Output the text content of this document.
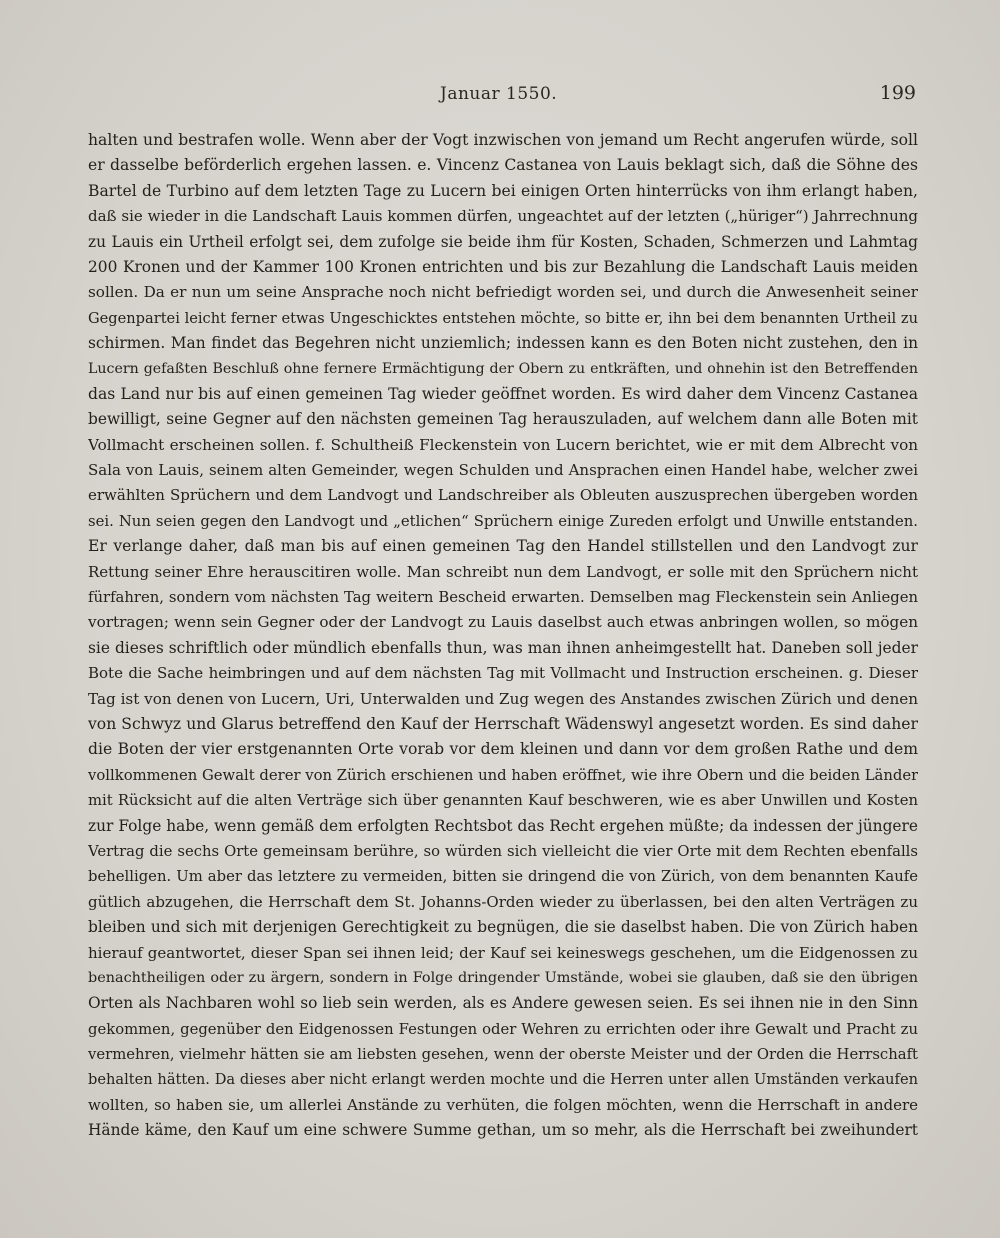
Januar 1550.	199
halten und bestrafen wolle. Wenn aber der Vogt inzwischen von jemand um Recht angerufen würde, soll
er dasselbe beförderlich ergehen lassen. e. Vincenz Castanea von Lauis beklagt sich, daß die Söhne des
Bartel de Turbino auf dem letzten Tage zu Lucern bei einigen Orten hinterrücks von ihm erlangt haben,
daß sie wieder in die Landschaft Lauis kommen dürfen, ungeachtet auf der letzten („hüriger“) Jahrrechnung
zu Lauis ein Urtheil erfolgt sei, dem zufolge sie beide ihm für Kosten, Schaden, Schmerzen und Lahmtag
200 Kronen und der Kammer 100 Kronen entrichten und bis zur Bezahlung die Landschaft Lauis meiden
sollen. Da er nun um seine Ansprache noch nicht befriedigt worden sei, und durch die Anwesenheit seiner
Gegenpartei leicht ferner etwas Ungeschicktes entstehen möchte, so bitte er, ihn bei dem benannten Urtheil zu
schirmen. Man findet das Begehren nicht unziemlich; indessen kann es den Boten nicht zustehen, den in
Lucern gefaßten Beschluß ohne fernere Ermächtigung der Obern zu entkräften, und ohnehin ist den Betreffenden
das Land nur bis auf einen gemeinen Tag wieder geöffnet worden. Es wird daher dem Vincenz Castanea
bewilligt, seine Gegner auf den nächsten gemeinen Tag herauszuladen, auf welchem dann alle Boten mit
Vollmacht erscheinen sollen. f. Schultheiß Fleckenstein von Lucern berichtet, wie er mit dem Albrecht von
Sala von Lauis, seinem alten Gemeinder, wegen Schulden und Ansprachen einen Handel habe, welcher zwei
erwählten Sprüchern und dem Landvogt und Landschreiber als Obleuten auszusprechen übergeben worden
sei. Nun seien gegen den Landvogt und „etlichen“ Sprüchern einige Zureden erfolgt und Unwille entstanden.
Er verlange daher, daß man bis auf einen gemeinen Tag den Handel stillstellen und den Landvogt zur
Rettung seiner Ehre herauscitiren wolle. Man schreibt nun dem Landvogt, er solle mit den Sprüchern nicht
fürfahren, sondern vom nächsten Tag weitern Bescheid erwarten. Demselben mag Fleckenstein sein Anliegen
vortragen; wenn sein Gegner oder der Landvogt zu Lauis daselbst auch etwas anbringen wollen, so mögen
sie dieses schriftlich oder mündlich ebenfalls thun, was man ihnen anheimgestellt hat. Daneben soll jeder
Bote die Sache heimbringen und auf dem nächsten Tag mit Vollmacht und Instruction erscheinen. g. Dieser
Tag ist von denen von Lucern, Uri, Unterwalden und Zug wegen des Anstandes zwischen Zürich und denen
von Schwyz und Glarus betreffend den Kauf der Herrschaft Wädenswyl angesetzt worden. Es sind daher
die Boten der vier erstgenannten Orte vorab vor dem kleinen und dann vor dem großen Rathe und dem
vollkommenen Gewalt derer von Zürich erschienen und haben eröffnet, wie ihre Obern und die beiden Länder
mit Rücksicht auf die alten Verträge sich über genannten Kauf beschweren, wie es aber Unwillen und Kosten
zur Folge habe, wenn gemäß dem erfolgten Rechtsbot das Recht ergehen müßte; da indessen der jüngere
Vertrag die sechs Orte gemeinsam berühre, so würden sich vielleicht die vier Orte mit dem Rechten ebenfalls
behelligen. Um aber das letztere zu vermeiden, bitten sie dringend die von Zürich, von dem benannten Kaufe
gütlich abzugehen, die Herrschaft dem St. Johanns-Orden wieder zu überlassen, bei den alten Verträgen zu
bleiben und sich mit derjenigen Gerechtigkeit zu begnügen, die sie daselbst haben. Die von Zürich haben
hierauf geantwortet, dieser Span sei ihnen leid; der Kauf sei keineswegs geschehen, um die Eidgenossen zu
benachtheiligen oder zu ärgern, sondern in Folge dringender Umstände, wobei sie glauben, daß sie den übrigen
Orten als Nachbaren wohl so lieb sein werden, als es Andere gewesen seien. Es sei ihnen nie in den Sinn
gekommen, gegenüber den Eidgenossen Festungen oder Wehren zu errichten oder ihre Gewalt und Pracht zu
vermehren, vielmehr hätten sie am liebsten gesehen, wenn der oberste Meister und der Orden die Herrschaft
behalten hätten. Da dieses aber nicht erlangt werden mochte und die Herren unter allen Umständen verkaufen
wollten, so haben sie, um allerlei Anstände zu verhüten, die folgen möchten, wenn die Herrschaft in andere
Hände käme, den Kauf um eine schwere Summe gethan, um so mehr, als die Herrschaft bei zweihundert
